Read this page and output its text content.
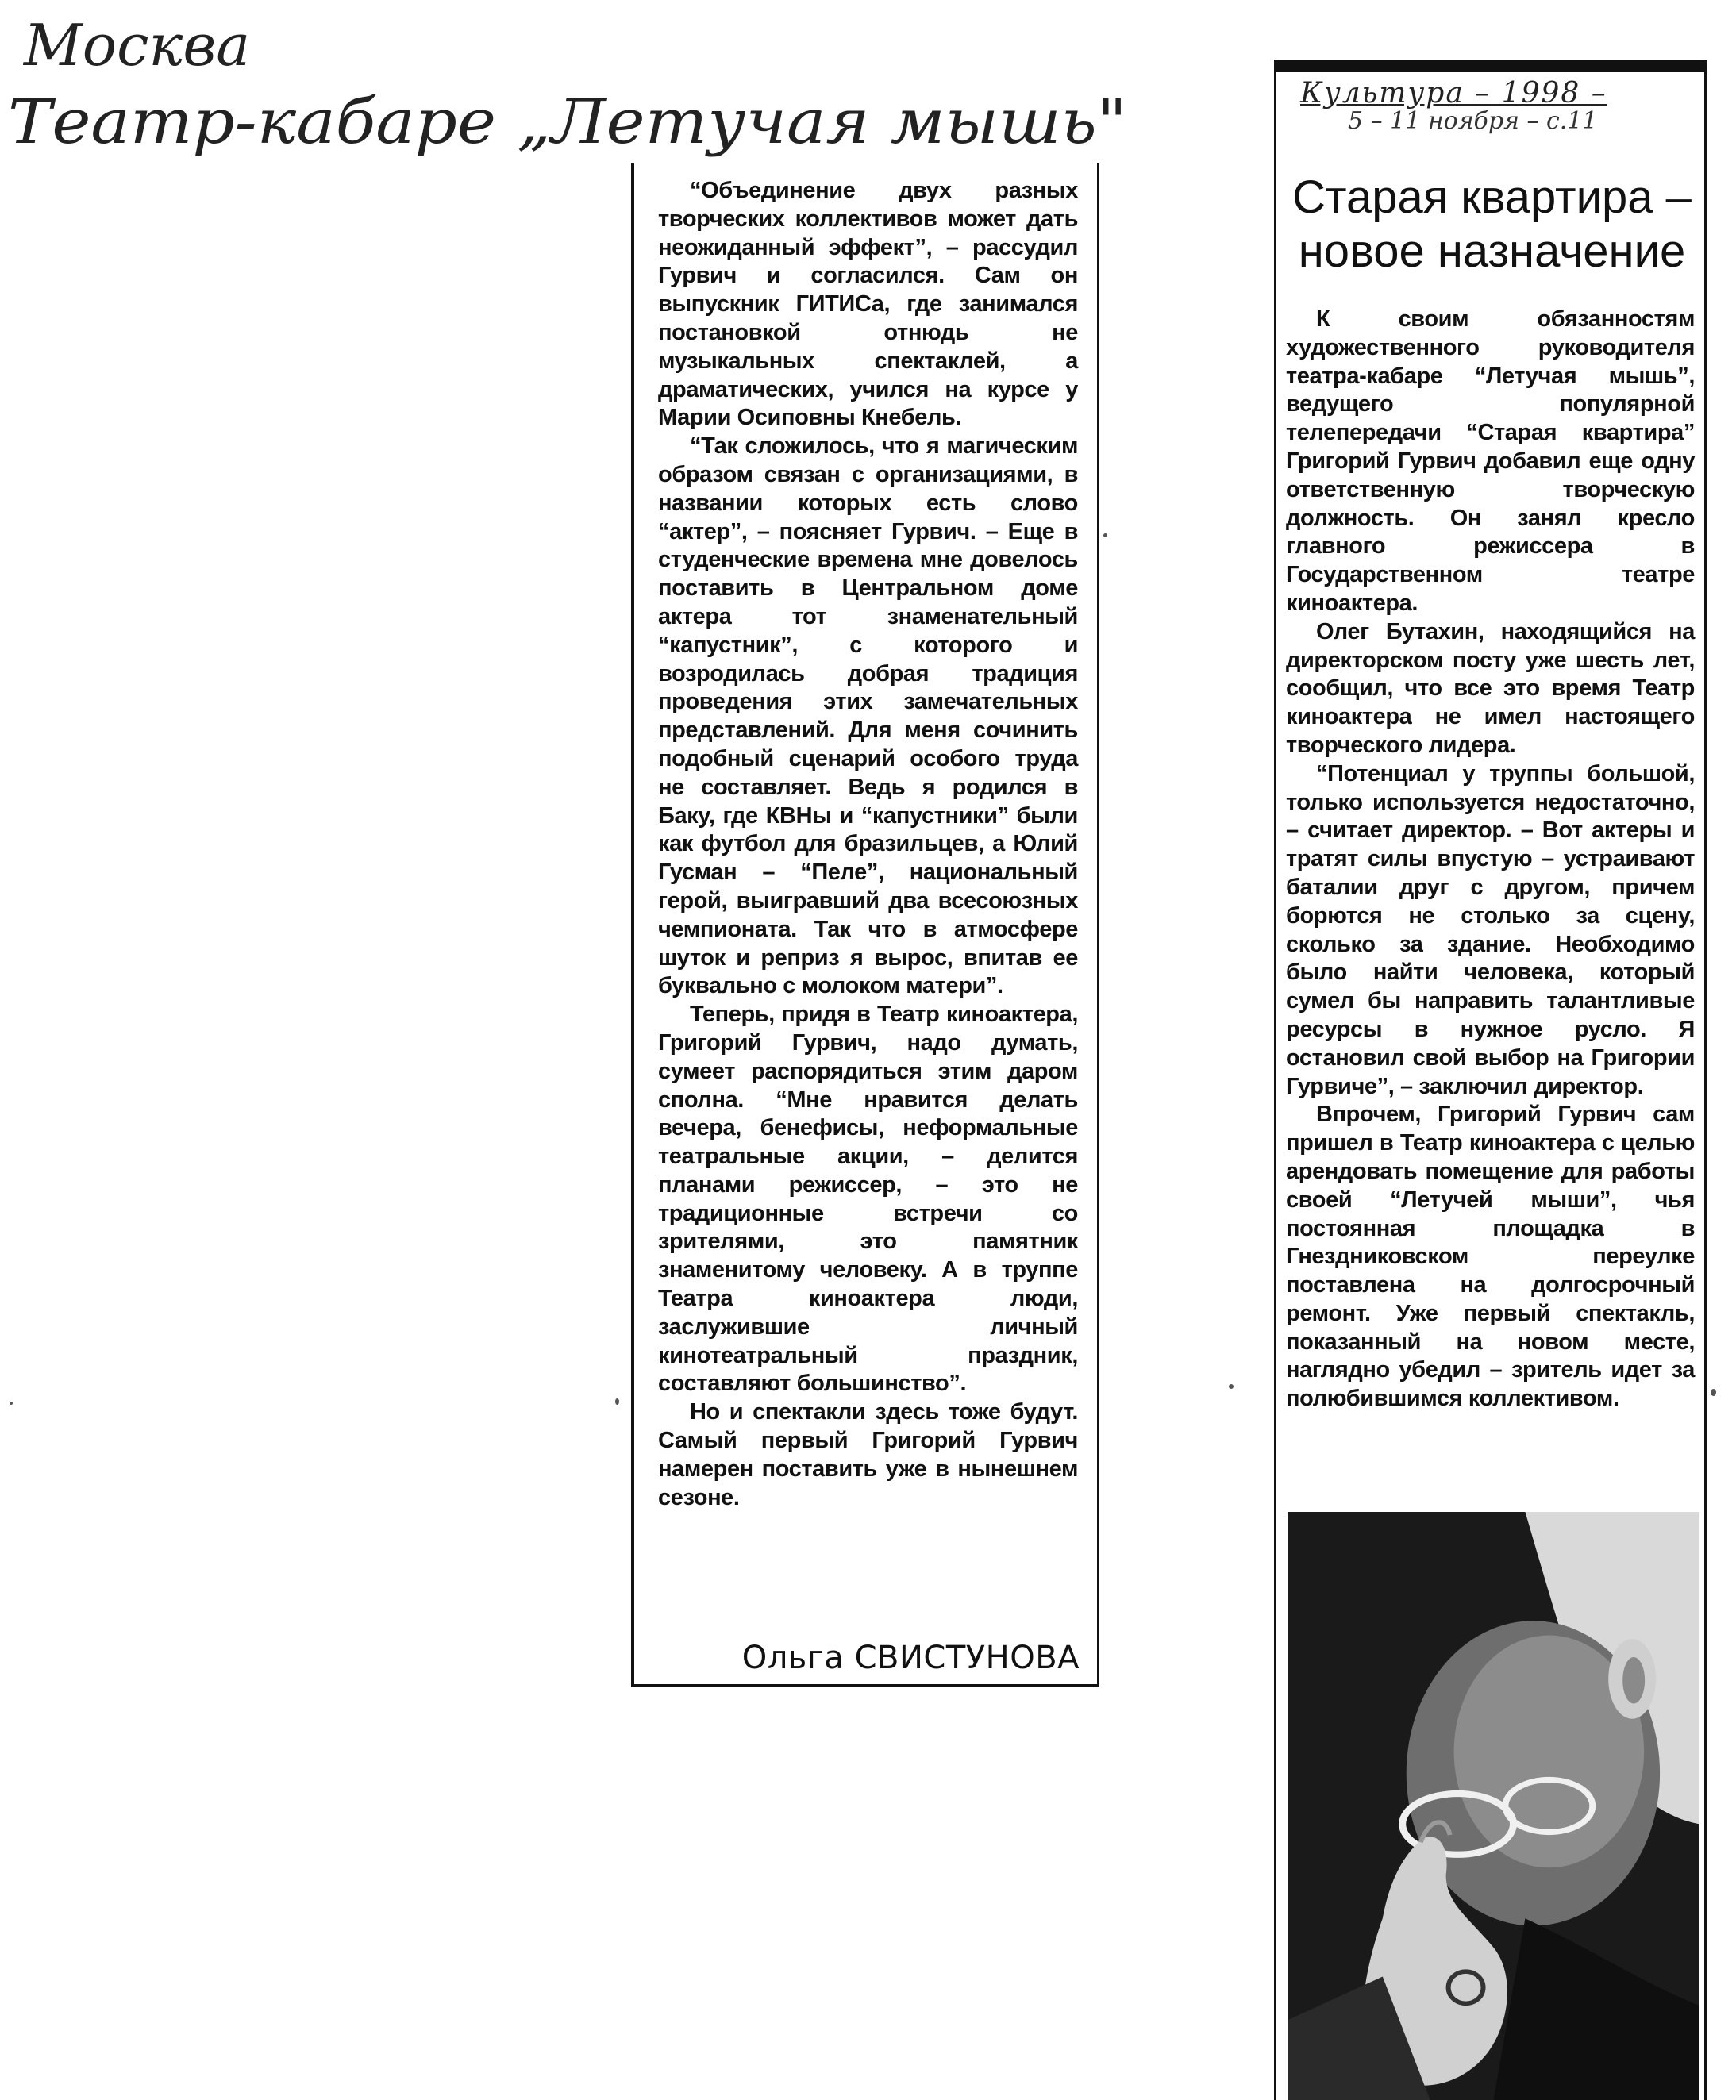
Москва
Театр-кабаре „Летучая мышь"

“Объединение двух разных творческих коллективов может дать неожиданный эффект”, – рассудил Гурвич и согласился. Сам он выпускник ГИТИСа, где занимался постановкой отнюдь не музыкальных спектаклей, а драматических, учился на курсе у Марии Осиповны Кнебель.

“Так сложилось, что я магическим образом связан с организациями, в названии которых есть слово “актер”, – поясняет Гурвич. – Еще в студенческие времена мне довелось поставить в Центральном доме актера тот знаменательный “капустник”, с которого и возродилась добрая традиция проведения этих замечательных представлений. Для меня сочинить подобный сценарий особого труда не составляет. Ведь я родился в Баку, где КВНы и “капустники” были как футбол для бразильцев, а Юлий Гусман – “Пеле”, национальный герой, выигравший два всесоюзных чемпионата. Так что в атмосфере шуток и реприз я вырос, впитав ее буквально с молоком матери”.

Теперь, придя в Театр киноактера, Григорий Гурвич, надо думать, сумеет распорядиться этим даром сполна. “Мне нравится делать вечера, бенефисы, неформальные театральные акции, – делится планами режиссер, – это не традиционные встречи со зрителями, это памятник знаменитому человеку. А в труппе Театра киноактера люди, заслужившие личный кинотеатральный праздник, составляют большинство”.

Но и спектакли здесь тоже будут. Самый первый Григорий Гурвич намерен поставить уже в нынешнем сезоне.

Ольга СВИСТУНОВА
Культура – 1998 –
5 – 11 ноября – с.11
Старая квартира –
новое назначение

К своим обязанностям художественного руководителя театра-кабаре “Летучая мышь”, ведущего популярной телепередачи “Старая квартира” Григорий Гурвич добавил еще одну ответственную творческую должность. Он занял кресло главного режиссера в Государственном театре киноактера.

Олег Бутахин, находящийся на директорском посту уже шесть лет, сообщил, что все это время Театр киноактера не имел настоящего творческого лидера.

“Потенциал у труппы большой, только используется недостаточно, – считает директор. – Вот актеры и тратят силы впустую – устраивают баталии друг с другом, причем борются не столько за сцену, сколько за здание. Необходимо было найти человека, который сумел бы направить талантливые ресурсы в нужное русло. Я остановил свой выбор на Григории Гурвиче”, – заключил директор.

Впрочем, Григорий Гурвич сам пришел в Театр киноактера с целью арендовать помещение для работы своей “Летучей мыши”, чья постоянная площадка в Гнездниковском переулке поставлена на долгосрочный ремонт. Уже первый спектакль, показанный на новом месте, наглядно убедил – зритель идет за полюбившимся коллективом.
